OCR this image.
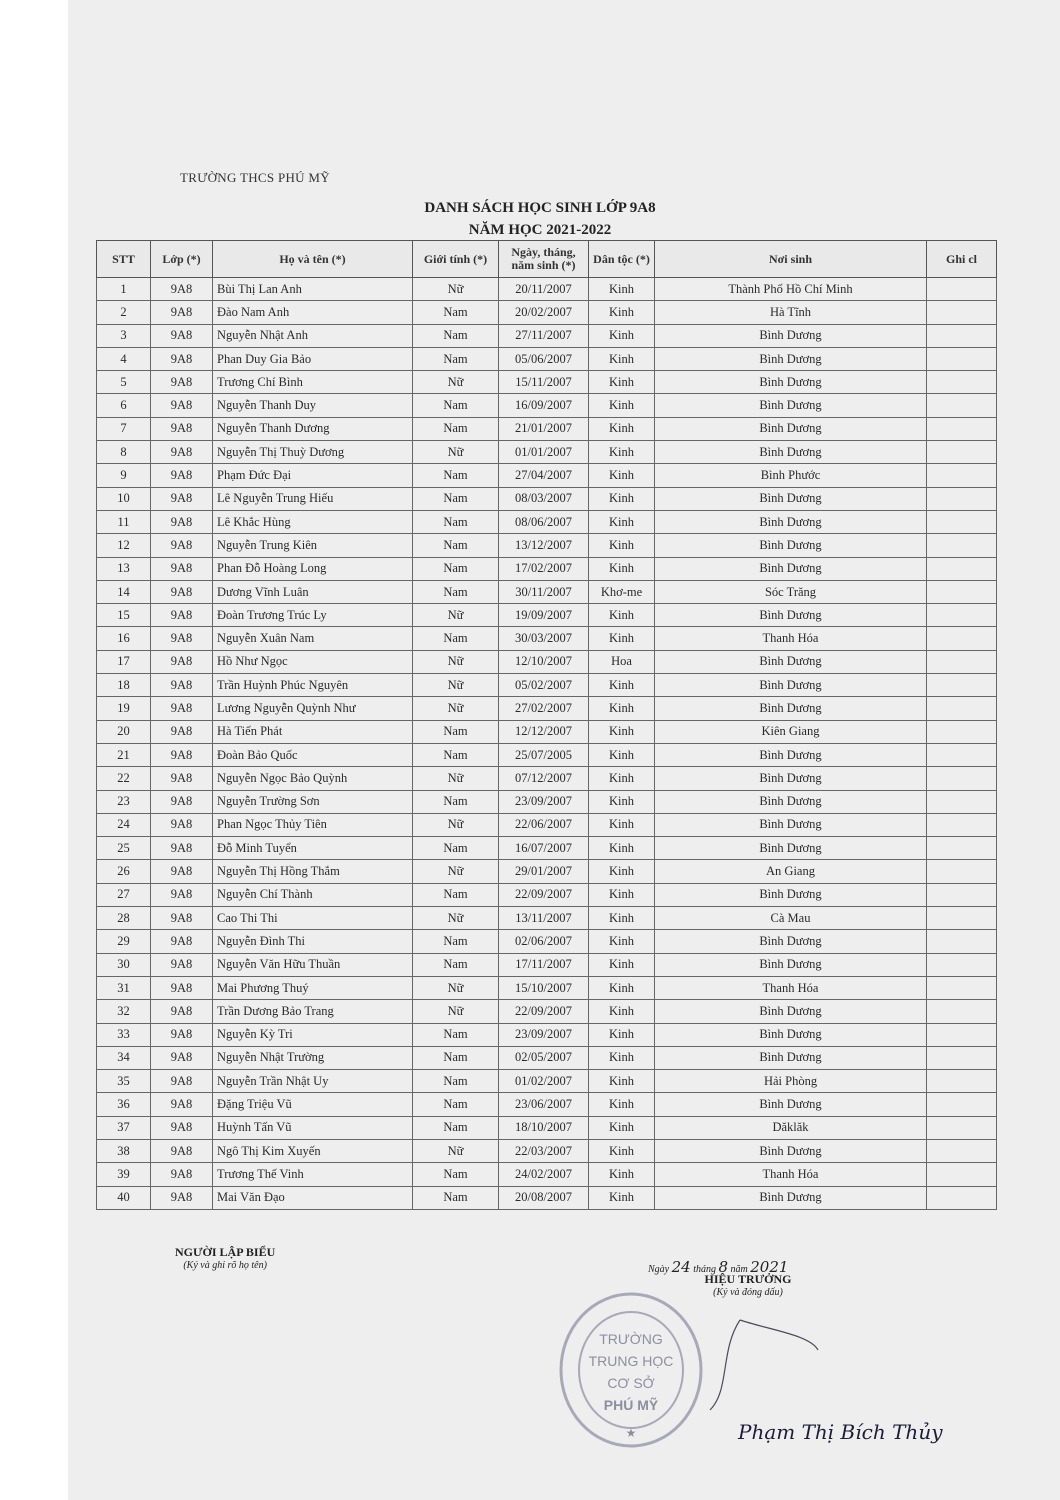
TRƯỜNG THCS PHÚ MỸ
DANH SÁCH HỌC SINH LỚP 9A8
NĂM HỌC 2021-2022
STT	Lớp (*)	Họ và tên (*)	Giới tính (*)	Ngày, tháng, năm sinh (*)	Dân tộc (*)	Nơi sinh	Ghi cl
1	9A8	Bùi Thị Lan Anh	Nữ	20/11/2007	Kinh	Thành Phố Hồ Chí Minh	
2	9A8	Đào Nam Anh	Nam	20/02/2007	Kinh	Hà Tĩnh	
3	9A8	Nguyễn Nhật Anh	Nam	27/11/2007	Kinh	Bình Dương	
4	9A8	Phan Duy Gia Bảo	Nam	05/06/2007	Kinh	Bình Dương	
5	9A8	Trương Chí Bình	Nữ	15/11/2007	Kinh	Bình Dương	
6	9A8	Nguyễn Thanh Duy	Nam	16/09/2007	Kinh	Bình Dương	
7	9A8	Nguyễn Thanh Dương	Nam	21/01/2007	Kinh	Bình Dương	
8	9A8	Nguyễn Thị Thuỳ Dương	Nữ	01/01/2007	Kinh	Bình Dương	
9	9A8	Phạm Đức Đại	Nam	27/04/2007	Kinh	Bình Phước	
10	9A8	Lê Nguyễn Trung Hiếu	Nam	08/03/2007	Kinh	Bình Dương	
11	9A8	Lê Khắc Hùng	Nam	08/06/2007	Kinh	Bình Dương	
12	9A8	Nguyễn Trung Kiên	Nam	13/12/2007	Kinh	Bình Dương	
13	9A8	Phan Đỗ Hoàng Long	Nam	17/02/2007	Kinh	Bình Dương	
14	9A8	Dương Vĩnh Luân	Nam	30/11/2007	Khơ-me	Sóc Trăng	
15	9A8	Đoàn Trương Trúc Ly	Nữ	19/09/2007	Kinh	Bình Dương	
16	9A8	Nguyễn Xuân Nam	Nam	30/03/2007	Kinh	Thanh Hóa	
17	9A8	Hồ Như Ngọc	Nữ	12/10/2007	Hoa	Bình Dương	
18	9A8	Trần Huỳnh Phúc Nguyên	Nữ	05/02/2007	Kinh	Bình Dương	
19	9A8	Lương Nguyễn Quỳnh Như	Nữ	27/02/2007	Kinh	Bình Dương	
20	9A8	Hà Tiến Phát	Nam	12/12/2007	Kinh	Kiên Giang	
21	9A8	Đoàn Bảo Quốc	Nam	25/07/2005	Kinh	Bình Dương	
22	9A8	Nguyễn Ngọc Bảo Quỳnh	Nữ	07/12/2007	Kinh	Bình Dương	
23	9A8	Nguyễn Trường Sơn	Nam	23/09/2007	Kinh	Bình Dương	
24	9A8	Phan Ngọc Thủy Tiên	Nữ	22/06/2007	Kinh	Bình Dương	
25	9A8	Đỗ Minh Tuyển	Nam	16/07/2007	Kinh	Bình Dương	
26	9A8	Nguyễn Thị Hồng Thắm	Nữ	29/01/2007	Kinh	An Giang	
27	9A8	Nguyễn Chí Thành	Nam	22/09/2007	Kinh	Bình Dương	
28	9A8	Cao Thi Thi	Nữ	13/11/2007	Kinh	Cà Mau	
29	9A8	Nguyễn Đình Thi	Nam	02/06/2007	Kinh	Bình Dương	
30	9A8	Nguyễn Văn Hữu Thuần	Nam	17/11/2007	Kinh	Bình Dương	
31	9A8	Mai Phương Thuý	Nữ	15/10/2007	Kinh	Thanh Hóa	
32	9A8	Trần Dương Bảo Trang	Nữ	22/09/2007	Kinh	Bình Dương	
33	9A8	Nguyễn Kỳ Tri	Nam	23/09/2007	Kinh	Bình Dương	
34	9A8	Nguyễn Nhật Trường	Nam	02/05/2007	Kinh	Bình Dương	
35	9A8	Nguyễn Trần Nhật Uy	Nam	01/02/2007	Kinh	Hải Phòng	
36	9A8	Đặng Triệu Vũ	Nam	23/06/2007	Kinh	Bình Dương	
37	9A8	Huỳnh Tấn Vũ	Nam	18/10/2007	Kinh	Dăklăk	
38	9A8	Ngô Thị Kim Xuyến	Nữ	22/03/2007	Kinh	Bình Dương	
39	9A8	Trương Thế Vinh	Nam	24/02/2007	Kinh	Thanh Hóa	
40	9A8	Mai Văn Đạo	Nam	20/08/2007	Kinh	Bình Dương	
NGƯỜI LẬP BIỂU
(Ký và ghi rõ họ tên)	Ngày 24 tháng 8 năm 2021
HIỆU TRƯỞNG
(Ký và đóng dấu)
TRƯỜNG
TRUNG HỌC
CƠ SỞ
PHÚ MỸ
★	Phạm Thị Bích Thủy
